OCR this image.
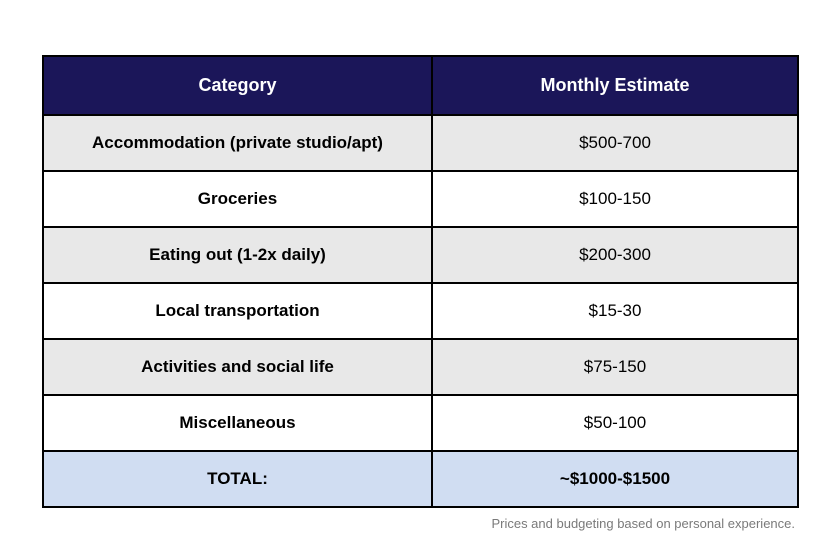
Category	Monthly Estimate
Accommodation (private studio/apt)	$500-700
Groceries	$100-150
Eating out (1-2x daily)	$200-300
Local transportation	$15-30
Activities and social life	$75-150
Miscellaneous	$50-100
TOTAL:	~$1000-$1500
Prices and budgeting based on personal experience.
